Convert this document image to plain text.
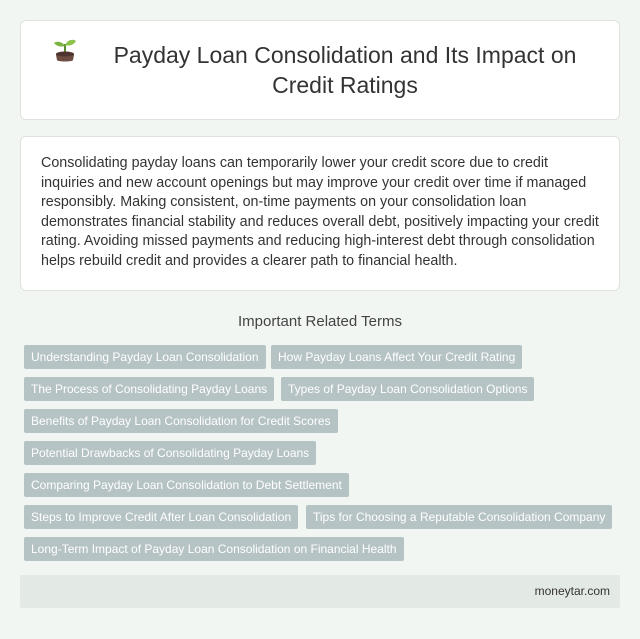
Payday Loan Consolidation and Its Impact on Credit Ratings

Consolidating payday loans can temporarily lower your credit score due to credit inquiries and new account openings but may improve your credit over time if managed responsibly. Making consistent, on-time payments on your consolidation loan demonstrates financial stability and reduces overall debt, positively impacting your credit rating. Avoiding missed payments and reducing high-interest debt through consolidation helps rebuild credit and provides a clearer path to financial health.

Important Related Terms
Understanding Payday Loan Consolidation	How Payday Loans Affect Your Credit Rating
The Process of Consolidating Payday Loans	Types of Payday Loan Consolidation Options
Benefits of Payday Loan Consolidation for Credit Scores
Potential Drawbacks of Consolidating Payday Loans
Comparing Payday Loan Consolidation to Debt Settlement
Steps to Improve Credit After Loan Consolidation	Tips for Choosing a Reputable Consolidation Company
Long-Term Impact of Payday Loan Consolidation on Financial Health
moneytar.com
